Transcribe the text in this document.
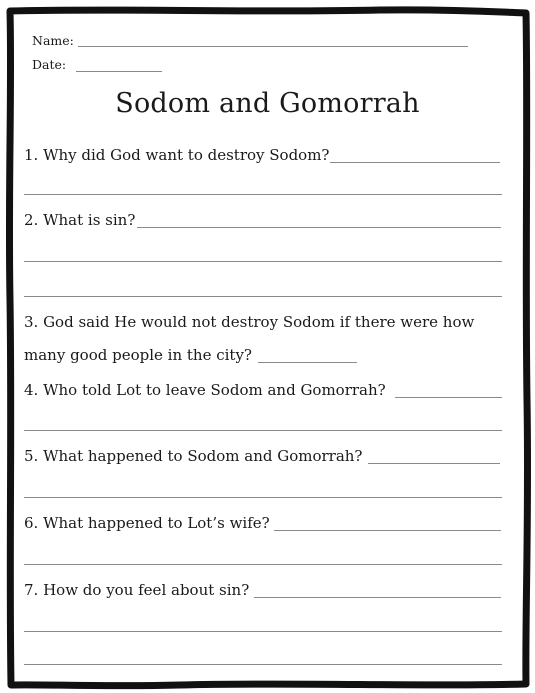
Name:
Date:
Sodom and Gomorrah
1. Why did God want to destroy Sodom?
2. What is sin?
3. God said He would not destroy Sodom if there were how
many good people in the city?
4. Who told Lot to leave Sodom and Gomorrah?
5. What happened to Sodom and Gomorrah?
6. What happened to Lot’s wife?
7. How do you feel about sin?
